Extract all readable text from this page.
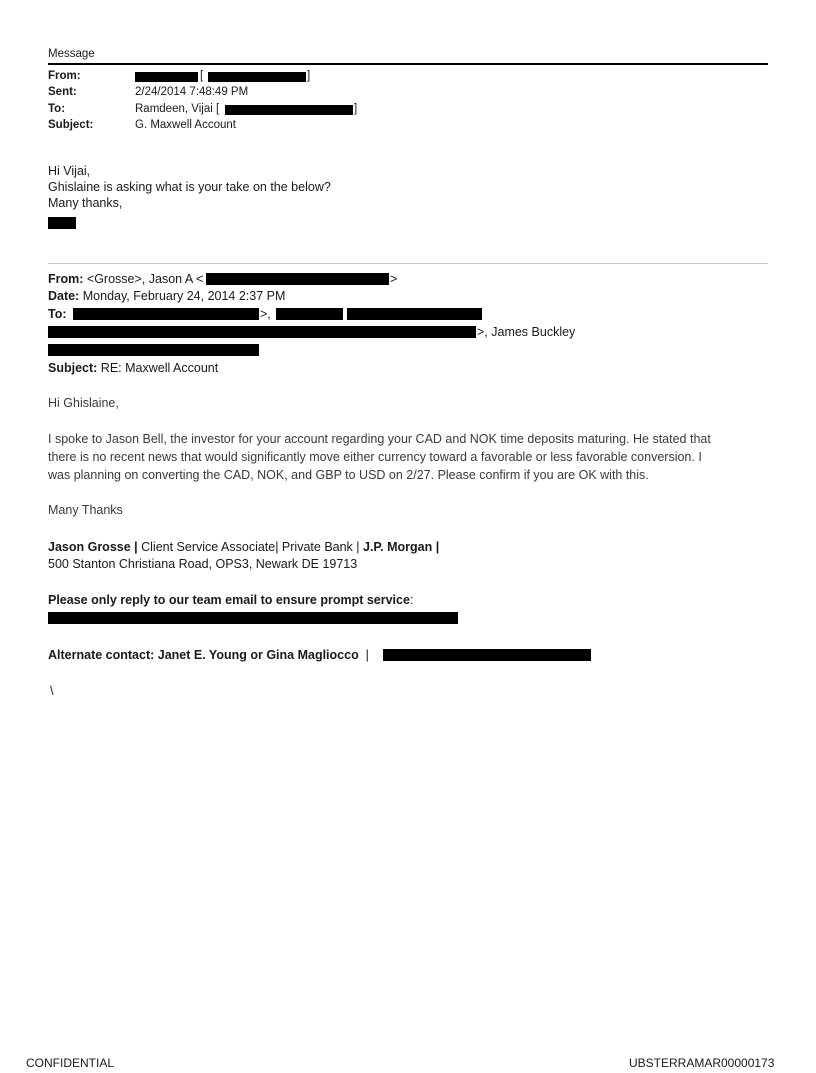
Message
From:	[	]
Sent:	2/24/2014 7:48:49 PM
To:	Ramdeen, Vijai [	]
Subject:	G. Maxwell Account
Hi Vijai,
Ghislaine is asking what is your take on the below?
Many thanks,
From: <Grosse>, Jason A <	>
Date: Monday, February 24, 2014 2:37 PM
To:	>,
>, James Buckley
Subject: RE: Maxwell Account
Hi Ghislaine,
I spoke to Jason Bell, the investor for your account regarding your CAD and NOK time deposits maturing. He stated that
there is no recent news that would significantly move either currency toward a favorable or less favorable conversion. I
was planning on converting the CAD, NOK, and GBP to USD on 2/27. Please confirm if you are OK with this.
Many Thanks
Jason Grosse | Client Service Associate| Private Bank | J.P. Morgan |
500 Stanton Christiana Road, OPS3, Newark DE 19713
Please only reply to our team email to ensure prompt service:
Alternate contact: Janet E. Young or Gina Magliocco |
\
CONFIDENTIAL	UBSTERRAMAR00000173
